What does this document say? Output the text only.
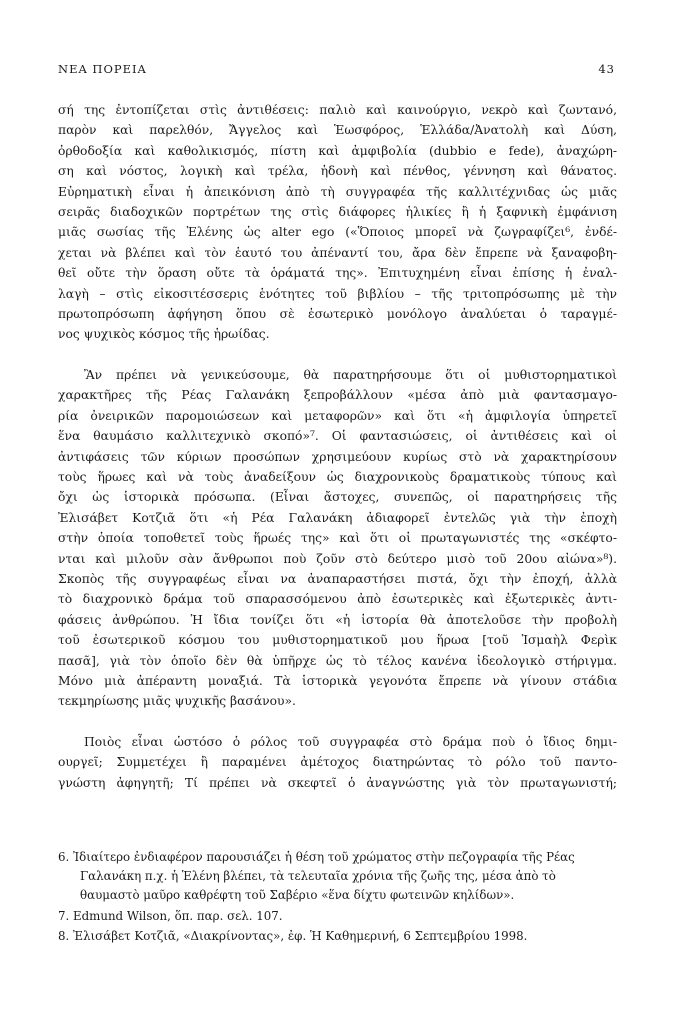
ΝΕΑ ΠΟΡΕΙΑ	43
σή της ἐντοπίζεται στὶς ἀντιθέσεις: παλιὸ καὶ καινούργιο, νεκρὸ καὶ ζωντανό,
παρὸν καὶ παρελθόν, Ἄγγελος καὶ Ἑωσφόρος, Ἑλλάδα/Ἀνατολὴ καὶ Δύση,
ὀρθοδοξία καὶ καθολικισμός, πίστη καὶ ἀμφιβολία (dubbio e fede), ἀναχώρη-
ση καὶ νόστος, λογικὴ καὶ τρέλα, ἡδονὴ καὶ πένθος, γέννηση καὶ θάνατος.
Εὐρηματικὴ εἶναι ἡ ἀπεικόνιση ἀπὸ τὴ συγγραφέα τῆς καλλιτέχνιδας ὡς μιᾶς
σειρᾶς διαδοχικῶν πορτρέτων της στὶς διάφορες ἡλικίες ἢ ἡ ξαφνικὴ ἐμφάνιση
μιᾶς σωσίας τῆς Ἑλένης ὡς alter ego («Ὅποιος μπορεῖ νὰ ζωγραφίζει⁶, ἐνδέ-
χεται νὰ βλέπει καὶ τὸν ἑαυτό του ἀπέναντί του, ἄρα δὲν ἔπρεπε νὰ ξαναφοβη-
θεῖ οὔτε τὴν ὅραση οὔτε τὰ ὁράματά της». Ἐπιτυχημένη εἶναι ἐπίσης ἡ ἐναλ-
λαγὴ – στὶς εἰκοσιτέσσερις ἑνότητες τοῦ βιβλίου – τῆς τριτοπρόσωπης μὲ τὴν
πρωτοπρόσωπη ἀφήγηση ὅπου σὲ ἐσωτερικὸ μονόλογο ἀναλύεται ὁ ταραγμέ-
νος ψυχικὸς κόσμος τῆς ἡρωίδας.
Ἂν πρέπει νὰ γενικεύσουμε, θὰ παρατηρήσουμε ὅτι οἱ μυθιστορηματικοὶ
χαρακτῆρες τῆς Ρέας Γαλανάκη ξεπροβάλλουν «μέσα ἀπὸ μιὰ φαντασμαγο-
ρία ὀνειρικῶν παρομοιώσεων καὶ μεταφορῶν» καὶ ὅτι «ἡ ἀμφιλογία ὑπηρετεῖ
ἕνα θαυμάσιο καλλιτεχνικὸ σκοπό»⁷. Οἱ φαντασιώσεις, οἱ ἀντιθέσεις καὶ οἱ
ἀντιφάσεις τῶν κύριων προσώπων χρησιμεύουν κυρίως στὸ νὰ χαρακτηρίσουν
τοὺς ἥρωες καὶ νὰ τοὺς ἀναδείξουν ὡς διαχρονικοὺς δραματικοὺς τύπους καὶ
ὄχι ὡς ἱστορικὰ πρόσωπα. (Εἶναι ἄστοχες, συνεπῶς, οἱ παρατηρήσεις τῆς
Ἐλισάβετ Κοτζιᾶ ὅτι «ἡ Ρέα Γαλανάκη ἀδιαφορεῖ ἐντελῶς γιὰ τὴν ἐποχὴ
στὴν ὁποία τοποθετεῖ τοὺς ἥρωές της» καὶ ὅτι οἱ πρωταγωνιστές της «σκέφτο-
νται καὶ μιλοῦν σὰν ἄνθρωποι ποὺ ζοῦν στὸ δεύτερο μισὸ τοῦ 20ου αἰώνα»⁸).
Σκοπὸς τῆς συγγραφέως εἶναι να ἀναπαραστήσει πιστά, ὄχι τὴν ἐποχή, ἀλλὰ
τὸ διαχρονικὸ δράμα τοῦ σπαρασσόμενου ἀπὸ ἐσωτερικὲς καὶ ἐξωτερικὲς ἀντι-
φάσεις ἀνθρώπου. Ἡ ἴδια τονίζει ὅτι «ἡ ἱστορία θὰ ἀποτελοῦσε τὴν προβολὴ
τοῦ ἐσωτερικοῦ κόσμου του μυθιστορηματικοῦ μου ἥρωα [τοῦ Ἰσμαὴλ Φερὶκ
πασᾶ], γιὰ τὸν ὁποῖο δὲν θὰ ὑπῆρχε ὡς τὸ τέλος κανένα ἰδεολογικὸ στήριγμα.
Μόνο μιὰ ἀπέραντη μοναξιά. Τὰ ἱστορικὰ γεγονότα ἔπρεπε νὰ γίνουν στάδια
τεκμηρίωσης μιᾶς ψυχικῆς βασάνου».
Ποιὸς εἶναι ὡστόσο ὁ ρόλος τοῦ συγγραφέα στὸ δράμα ποὺ ὁ ἴδιος δημι-
ουργεῖ; Συμμετέχει ἢ παραμένει ἀμέτοχος διατηρώντας τὸ ρόλο τοῦ παντο-
γνώστη ἀφηγητῆ; Τί πρέπει νὰ σκεφτεῖ ὁ ἀναγνώστης γιὰ τὸν πρωταγωνιστή;
6. Ἰδιαίτερο ἐνδιαφέρον παρουσιάζει ἡ θέση τοῦ χρώματος στὴν πεζογραφία τῆς Ρέας
Γαλανάκη π.χ. ἡ Ἑλένη βλέπει, τὰ τελευταῖα χρόνια τῆς ζωῆς της, μέσα ἀπὸ τὸ
θαυμαστὸ μαῦρο καθρέφτη τοῦ Σαβέριο «ἕνα δίχτυ φωτεινῶν κηλίδων».
7. Edmund Wilson, ὅπ. παρ. σελ. 107.
8. Ἐλισάβετ Κοτζιᾶ, «Διακρίνοντας», ἐφ. Ἡ Καθημερινή, 6 Σεπτεμβρίου 1998.
